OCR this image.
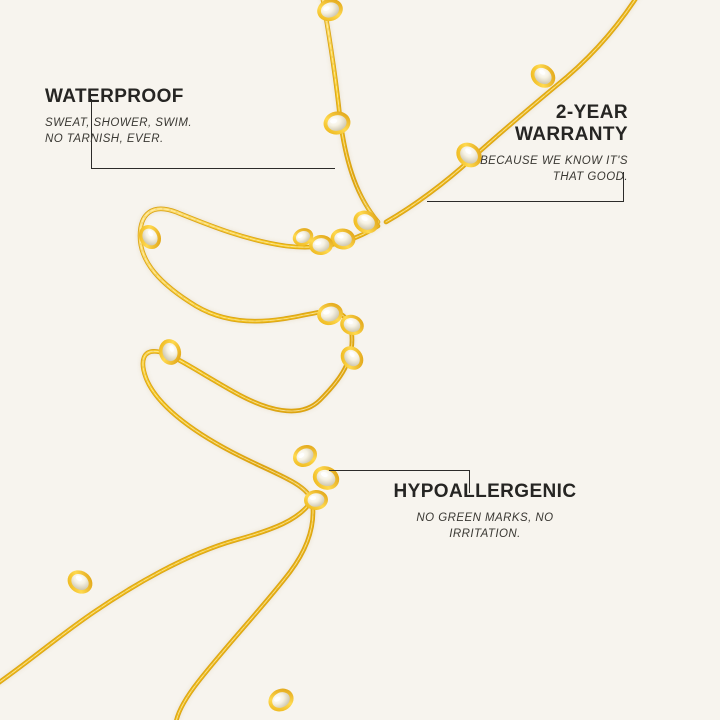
WATERPROOF
SWEAT, SHOWER, SWIM.
NO TARNISH, EVER.
2-YEAR
WARRANTY
BECAUSE WE KNOW IT'S
THAT GOOD.
HYPOALLERGENIC
NO GREEN MARKS, NO
IRRITATION.
